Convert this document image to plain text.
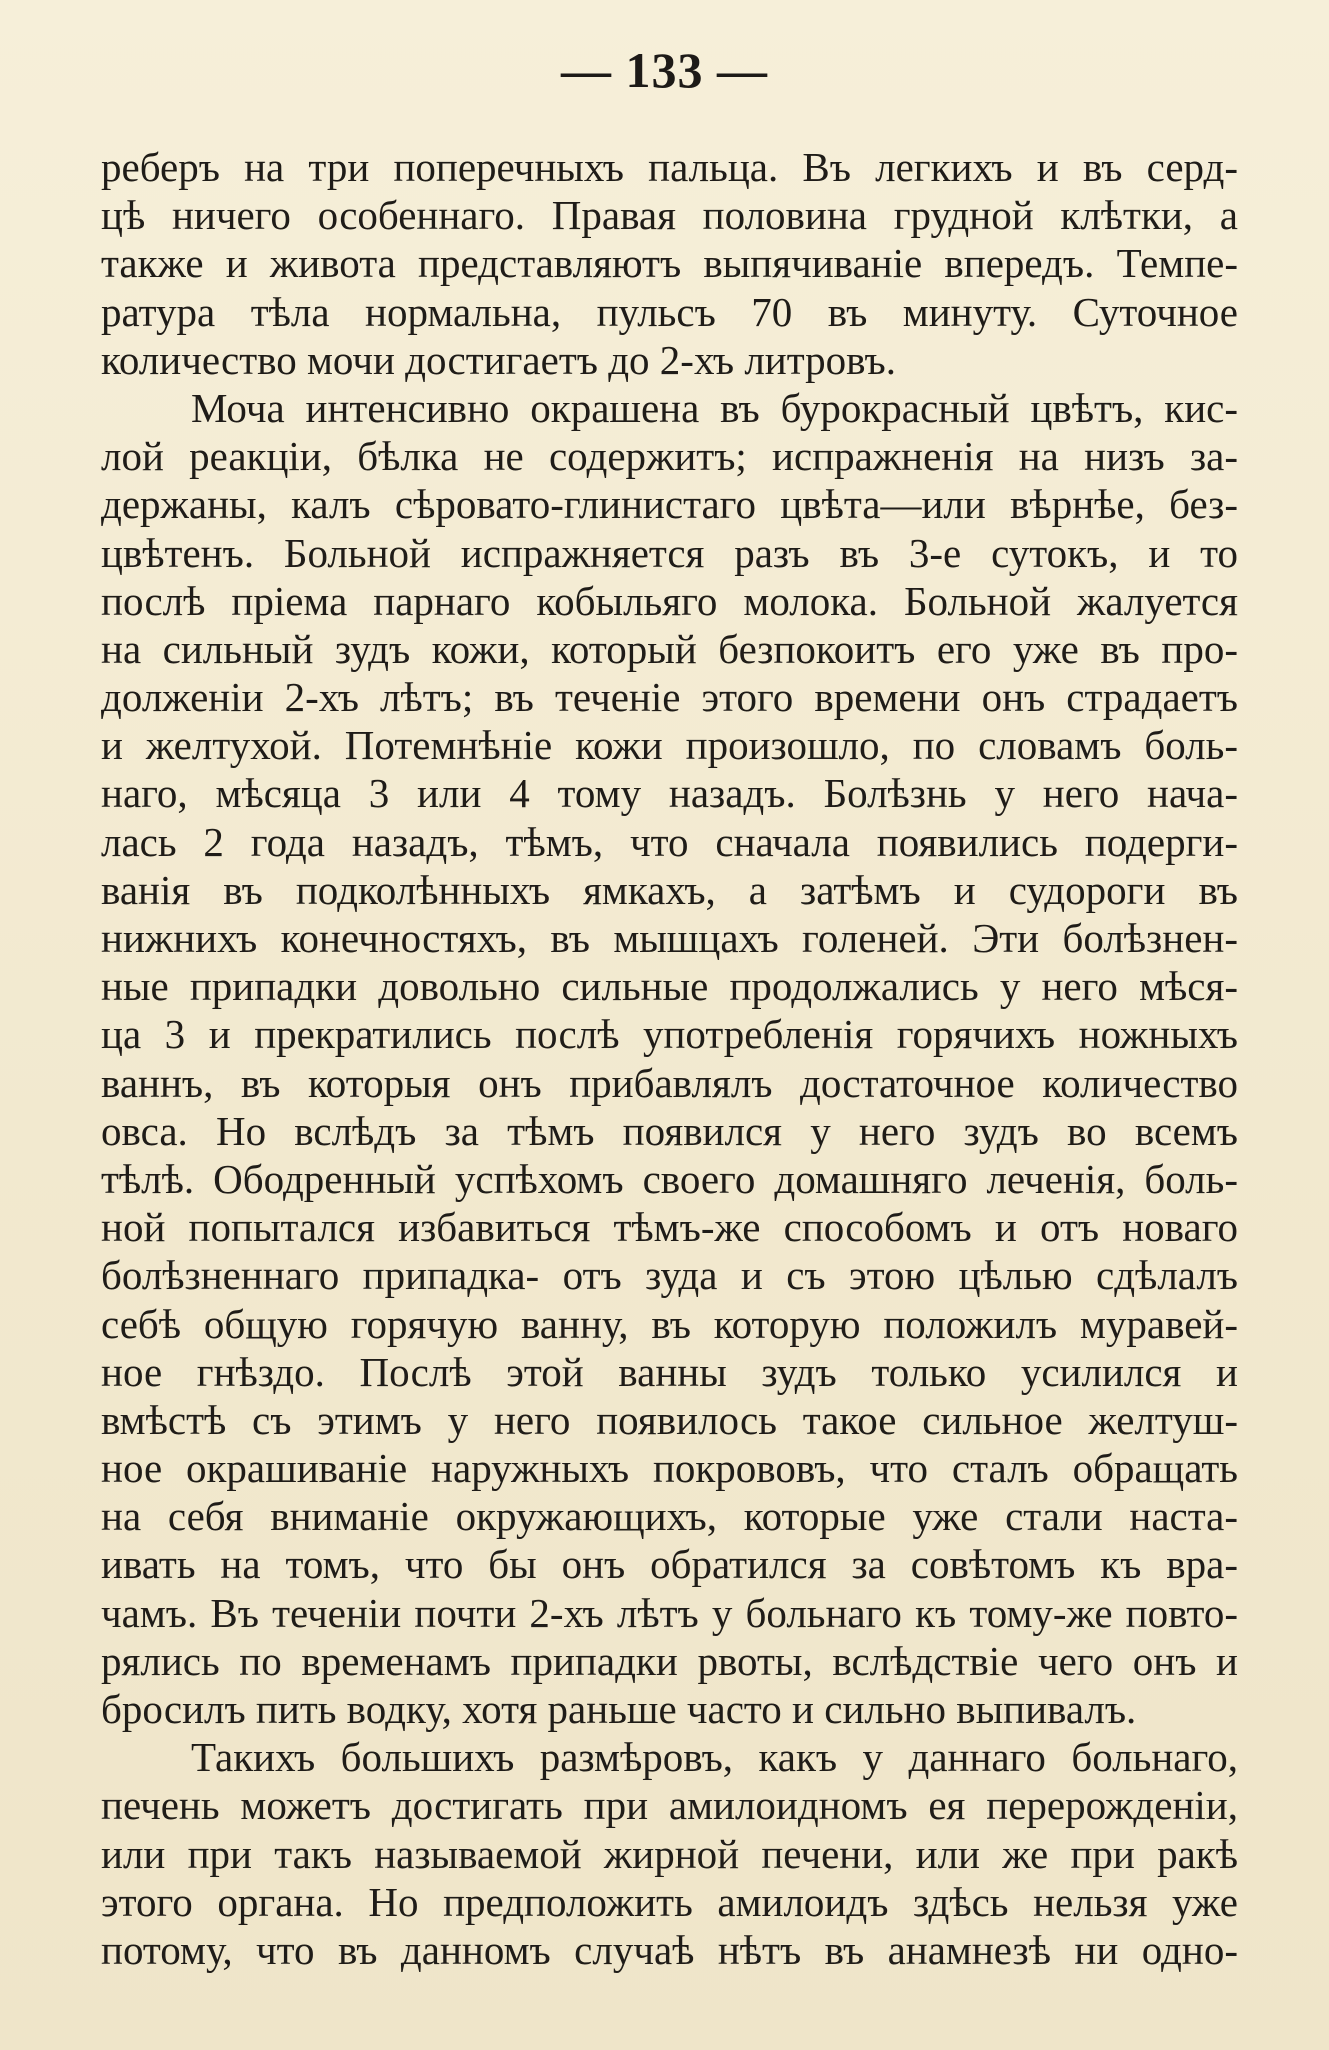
— 133 —
реберъ на три поперечныхъ пальца. Въ легкихъ и въ серд-
цѣ ничего особеннаго. Правая половина грудной клѣтки, а
также и живота представляютъ выпячиванiе впередъ. Темпе-
ратура тѣла нормальна, пульсъ 70 въ минуту. Суточное
количество мочи достигаетъ до 2-хъ литровъ.
Моча интенсивно окрашена въ бурокрасный цвѣтъ, кис-
лой реакцiи, бѣлка не содержитъ; испражненiя на низъ за-
держаны, калъ сѣровато-глинистаго цвѣта—или вѣрнѣе, без-
цвѣтенъ. Больной испражняется разъ въ 3-е сутокъ, и то
послѣ прiема парнаго кобыльяго молока. Больной жалуется
на сильный зудъ кожи, который безпокоитъ его уже въ про-
долженiи 2-хъ лѣтъ; въ теченiе этого времени онъ страдаетъ
и желтухой. Потемнѣнiе кожи произошло, по словамъ боль-
наго, мѣсяца 3 или 4 тому назадъ. Болѣзнь у него нача-
лась 2 года назадъ, тѣмъ, что сначала появились подерги-
ванiя въ подколѣнныхъ ямкахъ, а затѣмъ и судороги въ
нижнихъ конечностяхъ, въ мышцахъ голеней. Эти болѣзнен-
ные припадки довольно сильные продолжались у него мѣся-
ца 3 и прекратились послѣ употребленiя горячихъ ножныхъ
ваннъ, въ которыя онъ прибавлялъ достаточное количество
овса. Но вслѣдъ за тѣмъ появился у него зудъ во всемъ
тѣлѣ. Ободренный успѣхомъ своего домашняго леченiя, боль-
ной попытался избавиться тѣмъ-же способомъ и отъ новаго
болѣзненнаго припадка- отъ зуда и съ этою цѣлью сдѣлалъ
себѣ общую горячую ванну, въ которую положилъ муравей-
ное гнѣздо. Послѣ этой ванны зудъ только усилился и
вмѣстѣ съ этимъ у него появилось такое сильное желтуш-
ное окрашиванiе наружныхъ покрововъ, что сталъ обращать
на себя вниманiе окружающихъ, которые уже стали наста-
ивать на томъ, что бы онъ обратился за совѣтомъ къ вра-
чамъ. Въ теченiи почти 2-хъ лѣтъ у больнаго къ тому-же повто-
рялись по временамъ припадки рвоты, вслѣдствiе чего онъ и
бросилъ пить водку, хотя раньше часто и сильно выпивалъ.
Такихъ большихъ размѣровъ, какъ у даннаго больнаго,
печень можетъ достигать при амилоидномъ ея перерожденiи,
или при такъ называемой жирной печени, или же при ракѣ
этого органа. Но предположить амилоидъ здѣсь нельзя уже
потому, что въ данномъ случаѣ нѣтъ въ анамнезѣ ни одно-
